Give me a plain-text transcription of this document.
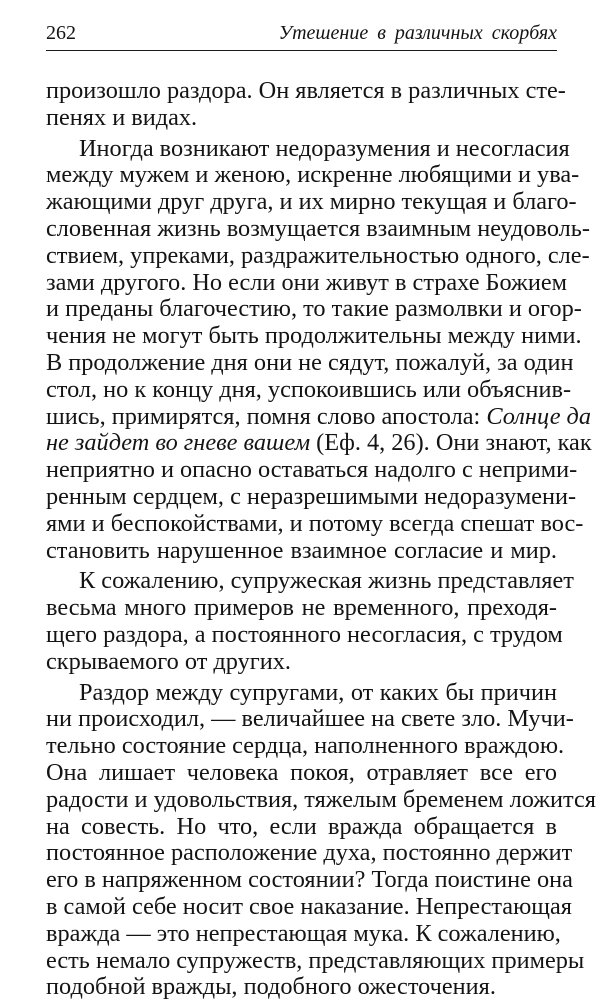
262	Утешение в различных скорбях

произошло раздора. Он является в различных сте-
пенях и видах.

Иногда возникают недоразумения и несогласия
между мужем и женою, искренне любящими и ува-
жающими друг друга, и их мирно текущая и благо-
словенная жизнь возмущается взаимным неудоволь-
ствием, упреками, раздражительностью одного, сле-
зами другого. Но если они живут в страхе Божием
и преданы благочестию, то такие размолвки и огор-
чения не могут быть продолжительны между ними.
В продолжение дня они не сядут, пожалуй, за один
стол, но к концу дня, успокоившись или объяснив-
шись, примирятся, помня слово апостола: Солнце да
не зайдет во гневе вашем (Еф. 4, 26). Они знают, как
неприятно и опасно оставаться надолго с неприми-
ренным сердцем, с неразрешимыми недоразумени-
ями и беспокойствами, и потому всегда спешат вос-
становить нарушенное взаимное согласие и мир.

К сожалению, супружеская жизнь представляет
весьма много примеров не временного, преходя-
щего раздора, а постоянного несогласия, с трудом
скрываемого от других.

Раздор между супругами, от каких бы причин
ни происходил, — величайшее на свете зло. Мучи-
тельно состояние сердца, наполненного враждою.
Она лишает человека покоя, отравляет все его
радости и удовольствия, тяжелым бременем ложится
на совесть. Но что, если вражда обращается в
постоянное расположение духа, постоянно держит
его в напряженном состоянии? Тогда поистине она
в самой себе носит свое наказание. Непрестающая
вражда — это непрестающая мука. К сожалению,
есть немало супружеств, представляющих примеры
подобной вражды, подобного ожесточения.
